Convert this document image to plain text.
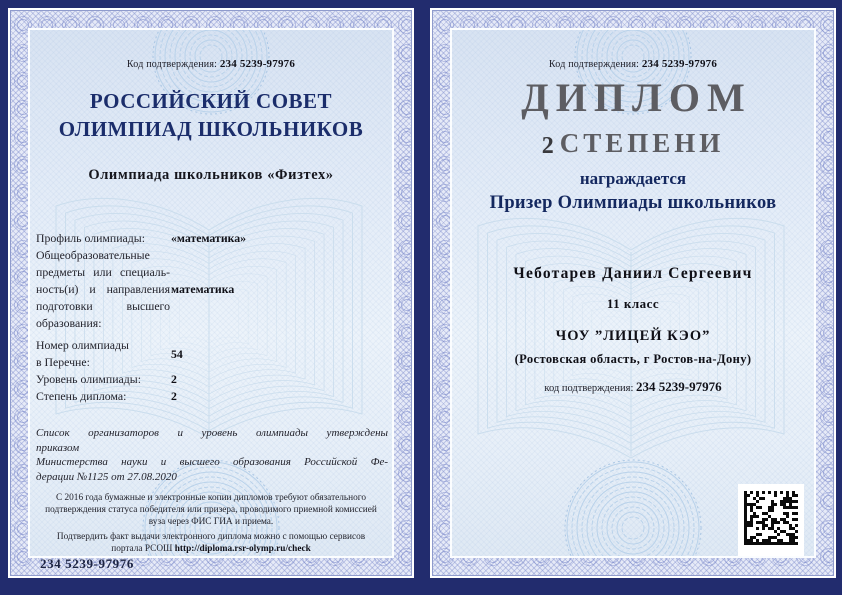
Код подтверждения: 234 5239-97976
РОССИЙСКИЙ СОВЕТ
ОЛИМПИАД ШКОЛЬНИКОВ
Олимпиада школьников «Физтех»
Профиль олимпиады:	«математика»
Общеобразовательные
предметы или специаль-
ность(и) и направления
подготовки высшего
образования:
математика
Номер олимпиады
в Перечне:
54
Уровень олимпиады:	2
Степень диплома:	2
Список организаторов и уровень олимпиады утверждены
приказом
Министерства науки и высшего образования Российской Фе-
дерации №1125 от 27.08.2020
С 2016 года бумажные и электронные копии дипломов требуют обязательного
подтверждения статуса победителя или призера, проводимого приемной комиссией
вуза через ФИС ГИА и приема.
Подтвердить факт выдачи электронного диплома можно с помощью сервисов
портала РСОШ http://diploma.rsr-olymp.ru/check
234 5239-97976
Код подтверждения: 234 5239-97976
ДИПЛОМ
2 СТЕПЕНИ
награждается
Призер Олимпиады школьников
Чеботарев Даниил Сергеевич
11 класс
ЧОУ ”ЛИЦЕЙ КЭО”
(Ростовская область, г Ростов-на-Дону)
код подтверждения: 234 5239-97976
